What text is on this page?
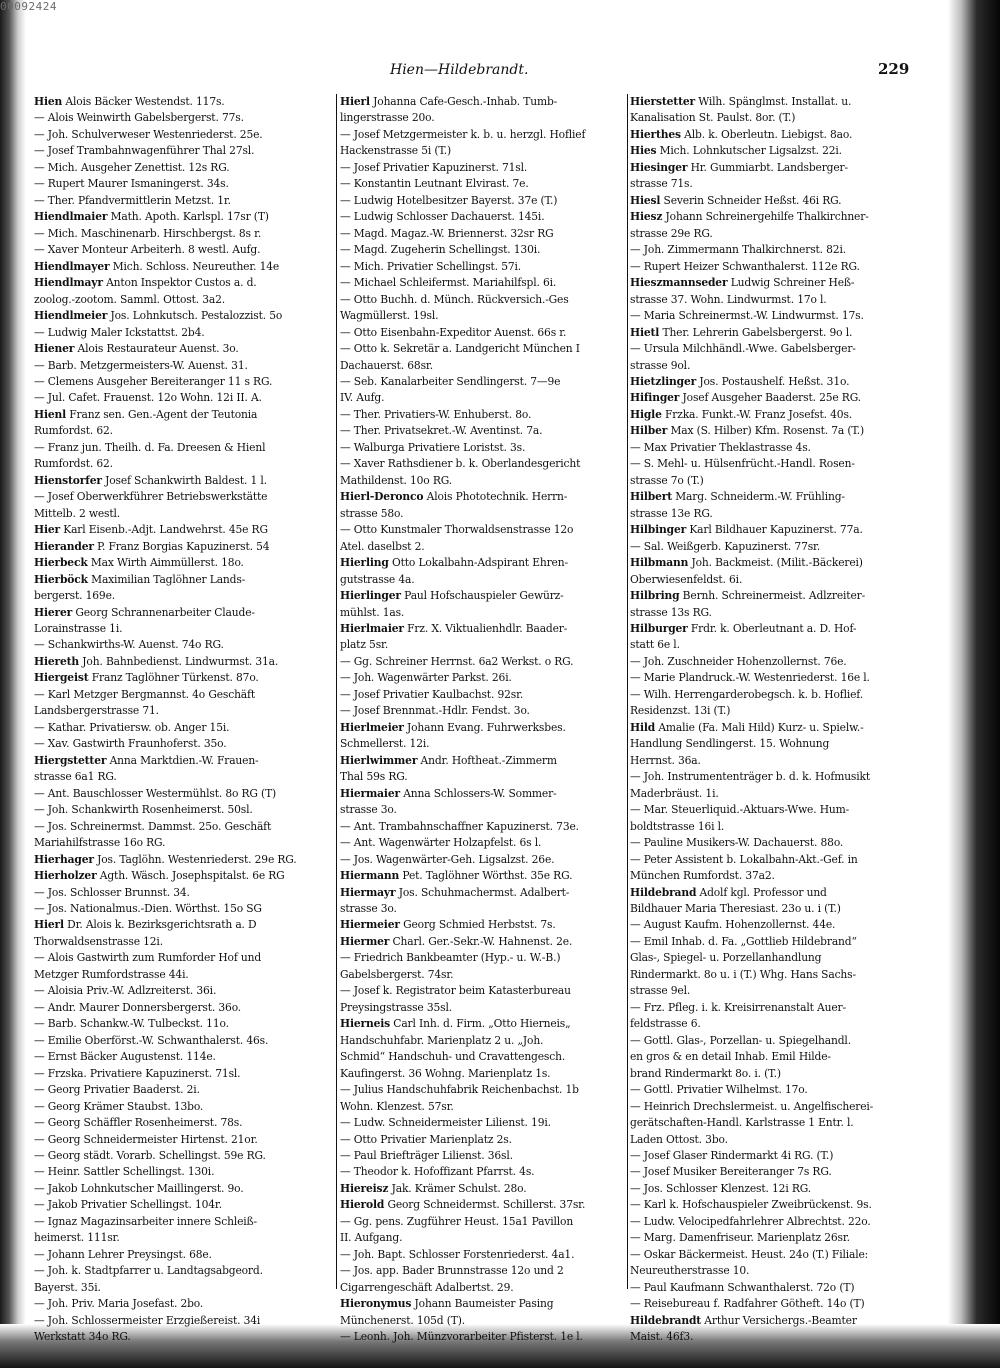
00092424
Hien—Hildebrandt.	229
Hien Alois Bäcker Westendst. 117s.
— Alois Weinwirth Gabelsbergerst. 77s.
— Joh. Schulverweser Westenriederst. 25e.
— Josef Trambahnwagenführer Thal 27sl.
— Mich. Ausgeher Zenettist. 12s RG.
— Rupert Maurer Ismaningerst. 34s.
— Ther. Pfandvermittlerin Metzst. 1r.
Hiendlmaier Math. Apoth. Karlspl. 17sr (T)
— Mich. Maschinenarb. Hirschbergst. 8s r.
— Xaver Monteur Arbeiterh. 8 westl. Aufg.
Hiendlmayer Mich. Schloss. Neureuther. 14e
Hiendlmayr Anton Inspektor Custos a. d.
zoolog.-zootom. Samml. Ottost. 3a2.
Hiendlmeier Jos. Lohnkutsch. Pestalozzist. 5o
— Ludwig Maler Ickstattst. 2b4.
Hiener Alois Restaurateur Auenst. 3o.
— Barb. Metzgermeisters-W. Auenst. 31.
— Clemens Ausgeher Bereiteranger 11 s RG.
— Jul. Cafet. Frauenst. 12o Wohn. 12i II. A.
Hienl Franz sen. Gen.-Agent der Teutonia
Rumfordst. 62.
— Franz jun. Theilh. d. Fa. Dreesen & Hienl
Rumfordst. 62.
Hienstorfer Josef Schankwirth Baldest. 1 l.
— Josef Oberwerkführer Betriebswerkstätte
Mittelb. 2 westl.
Hier Karl Eisenb.-Adjt. Landwehrst. 45e RG
Hierander P. Franz Borgias Kapuzinerst. 54
Hierbeck Max Wirth Aimmüllerst. 18o.
Hierböck Maximilian Taglöhner Lands-
bergerst. 169e.
Hierer Georg Schrannenarbeiter Claude-
Lorainstrasse 1i.
— Schankwirths-W. Auenst. 74o RG.
Hiereth Joh. Bahnbedienst. Lindwurmst. 31a.
Hiergeist Franz Taglöhner Türkenst. 87o.
— Karl Metzger Bergmannst. 4o Geschäft
Landsbergerstrasse 71.
— Kathar. Privatiersw. ob. Anger 15i.
— Xav. Gastwirth Fraunhoferst. 35o.
Hiergstetter Anna Marktdien.-W. Frauen-
strasse 6a1 RG.
— Ant. Bauschlosser Westermühlst. 8o RG (T)
— Joh. Schankwirth Rosenheimerst. 50sl.
— Jos. Schreinermst. Dammst. 25o. Geschäft
Mariahilfstrasse 16o RG.
Hierhager Jos. Taglöhn. Westenriederst. 29e RG.
Hierholzer Agth. Wäsch. Josephspitalst. 6e RG
— Jos. Schlosser Brunnst. 34.
— Jos. Nationalmus.-Dien. Wörthst. 15o SG
Hierl Dr. Alois k. Bezirksgerichtsrath a. D
Thorwaldsenstrasse 12i.
— Alois Gastwirth zum Rumforder Hof und
Metzger Rumfordstrasse 44i.
— Aloisia Priv.-W. Adlzreiterst. 36i.
— Andr. Maurer Donnersbergerst. 36o.
— Barb. Schankw.-W. Tulbeckst. 11o.
— Emilie Oberförst.-W. Schwanthalerst. 46s.
— Ernst Bäcker Augustenst. 114e.
— Frzska. Privatiere Kapuzinerst. 71sl.
— Georg Privatier Baaderst. 2i.
— Georg Krämer Staubst. 13bo.
— Georg Schäffler Rosenheimerst. 78s.
— Georg Schneidermeister Hirtenst. 21or.
— Georg städt. Vorarb. Schellingst. 59e RG.
— Heinr. Sattler Schellingst. 130i.
— Jakob Lohnkutscher Maillingerst. 9o.
— Jakob Privatier Schellingst. 104r.
— Ignaz Magazinsarbeiter innere Schleiß-
heimerst. 111sr.
— Johann Lehrer Preysingst. 68e.
— Joh. k. Stadtpfarrer u. Landtagsabgeord.
Bayerst. 35i.
— Joh. Priv. Maria Josefast. 2bo.
— Joh. Schlossermeister Erzgießereist. 34i
Werkstatt 34o RG.
Hierl Johanna Cafe-Gesch.-Inhab. Tumb-
lingerstrasse 20o.
— Josef Metzgermeister k. b. u. herzgl. Hoflief
Hackenstrasse 5i (T.)
— Josef Privatier Kapuzinerst. 71sl.
— Konstantin Leutnant Elvirast. 7e.
— Ludwig Hotelbesitzer Bayerst. 37e (T.)
— Ludwig Schlosser Dachauerst. 145i.
— Magd. Magaz.-W. Briennerst. 32sr RG
— Magd. Zugeherin Schellingst. 130i.
— Mich. Privatier Schellingst. 57i.
— Michael Schleifermst. Mariahilfspl. 6i.
— Otto Buchh. d. Münch. Rückversich.-Ges
Wagmüllerst. 19sl.
— Otto Eisenbahn-Expeditor Auenst. 66s r.
— Otto k. Sekretär a. Landgericht München I
Dachauerst. 68sr.
— Seb. Kanalarbeiter Sendlingerst. 7—9e
IV. Aufg.
— Ther. Privatiers-W. Enhuberst. 8o.
— Ther. Privatsekret.-W. Aventinst. 7a.
— Walburga Privatiere Loristst. 3s.
— Xaver Rathsdiener b. k. Oberlandesgericht
Mathildenst. 10o RG.
Hierl-Deronco Alois Phototechnik. Herrn-
strasse 58o.
— Otto Kunstmaler Thorwaldsenstrasse 12o
Atel. daselbst 2.
Hierling Otto Lokalbahn-Adspirant Ehren-
gutstrasse 4a.
Hierlinger Paul Hofschauspieler Gewürz-
mühlst. 1as.
Hierlmaier Frz. X. Viktualienhdlr. Baader-
platz 5sr.
— Gg. Schreiner Herrnst. 6a2 Werkst. o RG.
— Joh. Wagenwärter Parkst. 26i.
— Josef Privatier Kaulbachst. 92sr.
— Josef Brennmat.-Hdlr. Fendst. 3o.
Hierlmeier Johann Evang. Fuhrwerksbes.
Schmellerst. 12i.
Hierlwimmer Andr. Hoftheat.-Zimmerm
Thal 59s RG.
Hiermaier Anna Schlossers-W. Sommer-
strasse 3o.
— Ant. Trambahnschaffner Kapuzinerst. 73e.
— Ant. Wagenwärter Holzapfelst. 6s l.
— Jos. Wagenwärter-Geh. Ligsalzst. 26e.
Hiermann Pet. Taglöhner Wörthst. 35e RG.
Hiermayr Jos. Schuhmachermst. Adalbert-
strasse 3o.
Hiermeier Georg Schmied Herbstst. 7s.
Hiermer Charl. Ger.-Sekr.-W. Hahnenst. 2e.
— Friedrich Bankbeamter (Hyp.- u. W.-B.)
Gabelsbergerst. 74sr.
— Josef k. Registrator beim Katasterbureau
Preysingstrasse 35sl.
Hierneis Carl Inh. d. Firm. „Otto Hierneis„
Handschuhfabr. Marienplatz 2 u. „Joh.
Schmid“ Handschuh- und Cravattengesch.
Kaufingerst. 36 Wohng. Marienplatz 1s.
— Julius Handschuhfabrik Reichenbachst. 1b
Wohn. Klenzest. 57sr.
— Ludw. Schneidermeister Lilienst. 19i.
— Otto Privatier Marienplatz 2s.
— Paul Briefträger Lilienst. 36sl.
— Theodor k. Hofoffizant Pfarrst. 4s.
Hiereisz Jak. Krämer Schulst. 28o.
Hierold Georg Schneidermst. Schillerst. 37sr.
— Gg. pens. Zugführer Heust. 15a1 Pavillon
II. Aufgang.
— Joh. Bapt. Schlosser Forstenriederst. 4a1.
— Jos. app. Bader Brunnstrasse 12o und 2
Cigarrengeschäft Adalbertst. 29.
Hieronymus Johann Baumeister Pasing
Münchenerst. 105d (T).
— Leonh. Joh. Münzvorarbeiter Pfisterst. 1e l.
Hierstetter Wilh. Spänglmst. Installat. u.
Kanalisation St. Paulst. 8or. (T.)
Hierthes Alb. k. Oberleutn. Liebigst. 8ao.
Hies Mich. Lohnkutscher Ligsalzst. 22i.
Hiesinger Hr. Gummiarbt. Landsberger-
strasse 71s.
Hiesl Severin Schneider Heßst. 46i RG.
Hiesz Johann Schreinergehilfe Thalkirchner-
strasse 29e RG.
— Joh. Zimmermann Thalkirchnerst. 82i.
— Rupert Heizer Schwanthalerst. 112e RG.
Hieszmannseder Ludwig Schreiner Heß-
strasse 37. Wohn. Lindwurmst. 17o l.
— Maria Schreinermst.-W. Lindwurmst. 17s.
Hietl Ther. Lehrerin Gabelsbergerst. 9o l.
— Ursula Milchhändl.-Wwe. Gabelsberger-
strasse 9ol.
Hietzlinger Jos. Postaushelf. Heßst. 31o.
Hifinger Josef Ausgeher Baaderst. 25e RG.
Higle Frzka. Funkt.-W. Franz Josefst. 40s.
Hilber Max (S. Hilber) Kfm. Rosenst. 7a (T.)
— Max Privatier Theklastrasse 4s.
— S. Mehl- u. Hülsenfrücht.-Handl. Rosen-
strasse 7o (T.)
Hilbert Marg. Schneiderm.-W. Frühling-
strasse 13e RG.
Hilbinger Karl Bildhauer Kapuzinerst. 77a.
— Sal. Weißgerb. Kapuzinerst. 77sr.
Hilbmann Joh. Backmeist. (Milit.-Bäckerei)
Oberwiesenfeldst. 6i.
Hilbring Bernh. Schreinermeist. Adlzreiter-
strasse 13s RG.
Hilburger Frdr. k. Oberleutnant a. D. Hof-
statt 6e l.
— Joh. Zuschneider Hohenzollernst. 76e.
— Marie Plandruck.-W. Westenriederst. 16e l.
— Wilh. Herrengarderobegsch. k. b. Hoflief.
Residenzst. 13i (T.)
Hild Amalie (Fa. Mali Hild) Kurz- u. Spielw.-
Handlung Sendlingerst. 15. Wohnung
Herrnst. 36a.
— Joh. Instrumententräger b. d. k. Hofmusikt
Maderbräust. 1i.
— Mar. Steuerliquid.-Aktuars-Wwe. Hum-
boldtstrasse 16i l.
— Pauline Musikers-W. Dachauerst. 88o.
— Peter Assistent b. Lokalbahn-Akt.-Gef. in
München Rumfordst. 37a2.
Hildebrand Adolf kgl. Professor und
Bildhauer Maria Theresiast. 23o u. i (T.)
— August Kaufm. Hohenzollernst. 44e.
— Emil Inhab. d. Fa. „Gottlieb Hildebrand“
Glas-, Spiegel- u. Porzellanhandlung
Rindermarkt. 8o u. i (T.) Whg. Hans Sachs-
strasse 9el.
— Frz. Pfleg. i. k. Kreisirrenanstalt Auer-
feldstrasse 6.
— Gottl. Glas-, Porzellan- u. Spiegelhandl.
en gros & en detail Inhab. Emil Hilde-
brand Rindermarkt 8o. i. (T.)
— Gottl. Privatier Wilhelmst. 17o.
— Heinrich Drechslermeist. u. Angelfischerei-
gerätschaften-Handl. Karlstrasse 1 Entr. l.
Laden Ottost. 3bo.
— Josef Glaser Rindermarkt 4i RG. (T.)
— Josef Musiker Bereiteranger 7s RG.
— Jos. Schlosser Klenzest. 12i RG.
— Karl k. Hofschauspieler Zweibrückenst. 9s.
— Ludw. Velocipedfahrlehrer Albrechtst. 22o.
— Marg. Damenfriseur. Marienplatz 26sr.
— Oskar Bäckermeist. Heust. 24o (T.) Filiale:
Neureutherstrasse 10.
— Paul Kaufmann Schwanthalerst. 72o (T)
— Reisebureau f. Radfahrer Götheft. 14o (T)
Hildebrandt Arthur Versichergs.-Beamter
Maist. 46f3.
